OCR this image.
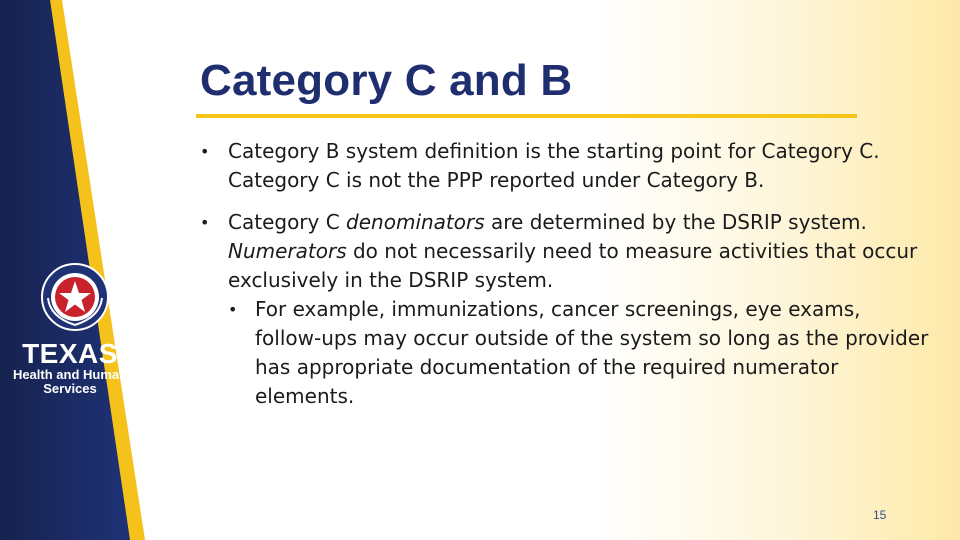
TEXAS
Health and Human
Services
Category C and B
• Category B system definition is the starting point for Category C. Category C is not the PPP reported under Category B.
• Category C denominators are determined by the DSRIP system. Numerators do not necessarily need to measure activities that occur exclusively in the DSRIP system.
• For example, immunizations, cancer screenings, eye exams, follow-ups may occur outside of the system so long as the provider has appropriate documentation of the required numerator elements.
15
